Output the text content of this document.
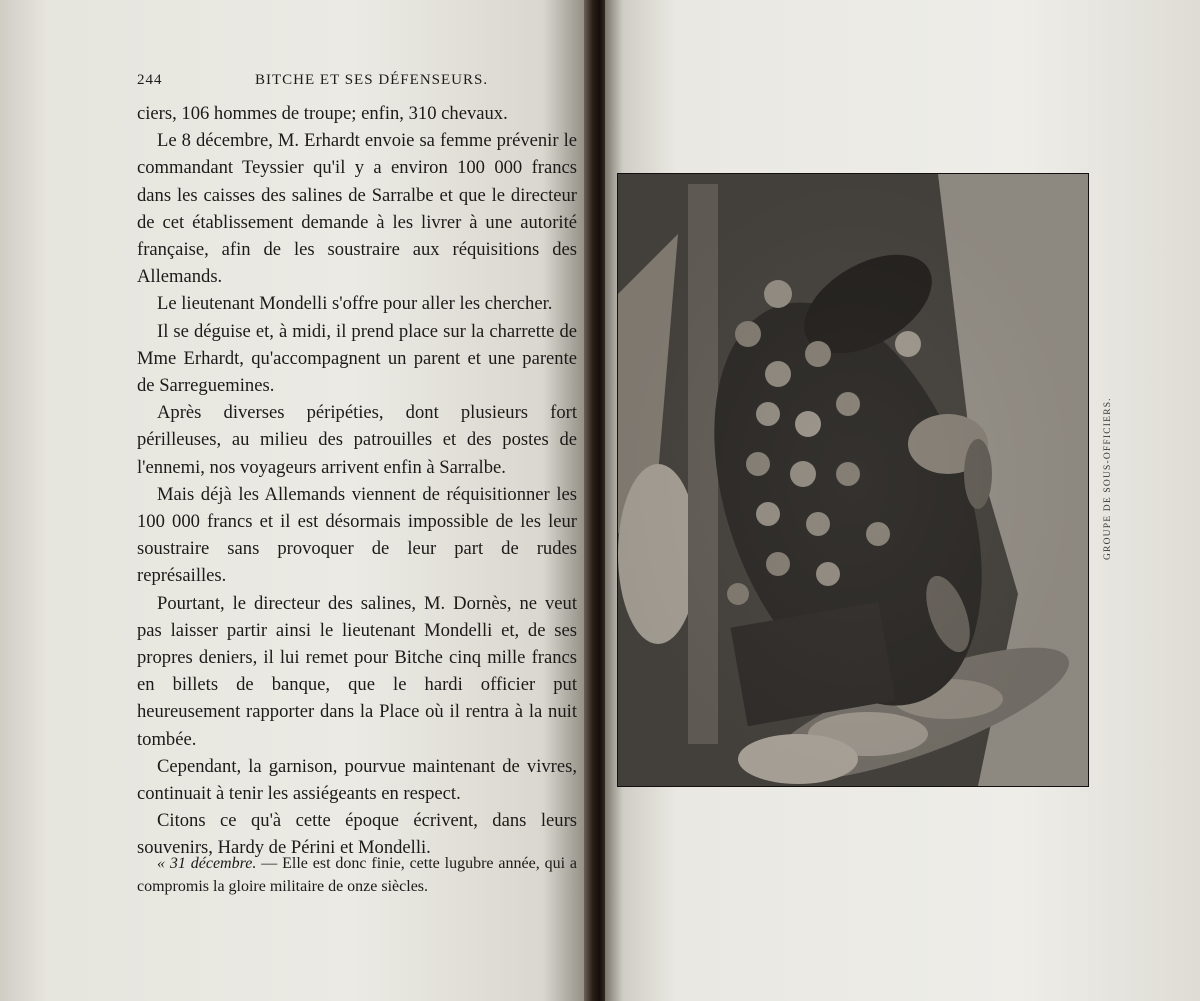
244	BITCHE ET SES DÉFENSEURS.

ciers, 106 hommes de troupe; enfin, 310 chevaux.

Le 8 décembre, M. Erhardt envoie sa femme prévenir le commandant Teyssier qu'il y a environ 100 000 francs dans les caisses des salines de Sarralbe et que le directeur de cet établissement demande à les livrer à une autorité française, afin de les soustraire aux réquisitions des Allemands.

Le lieutenant Mondelli s'offre pour aller les chercher.

Il se déguise et, à midi, il prend place sur la charrette de Mme Erhardt, qu'accompagnent un parent et une parente de Sarreguemines.

Après diverses péripéties, dont plusieurs fort périlleuses, au milieu des patrouilles et des postes de l'ennemi, nos voyageurs arrivent enfin à Sarralbe.

Mais déjà les Allemands viennent de réquisitionner les 100 000 francs et il est désormais impossible de les leur soustraire sans provoquer de leur part de rudes représailles.

Pourtant, le directeur des salines, M. Dornès, ne veut pas laisser partir ainsi le lieutenant Mondelli et, de ses propres deniers, il lui remet pour Bitche cinq mille francs en billets de banque, que le hardi officier put heureusement rapporter dans la Place où il rentra à la nuit tombée.

Cependant, la garnison, pourvue maintenant de vivres, continuait à tenir les assiégeants en respect.

Citons ce qu'à cette époque écrivent, dans leurs souvenirs, Hardy de Périni et Mondelli.

« 31 décembre. — Elle est donc finie, cette lugubre année, qui a compromis la gloire militaire de onze siècles.
GROUPE DE SOUS-OFFICIERS.
